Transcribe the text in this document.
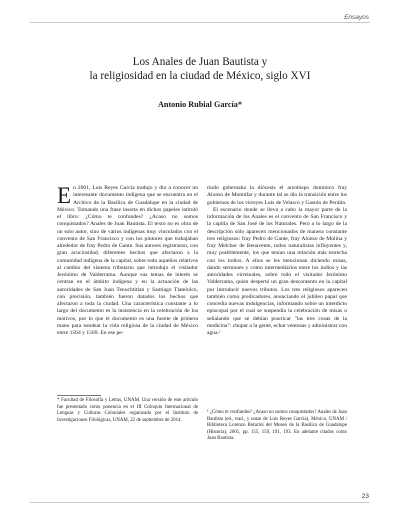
Ensayos
Los Anales de Juan Bautista y
la religiosidad en la ciudad de México, siglo XVI
Antonio Rubial García*

En 2001, Luis Reyes García tradujo y dio a conocer un interesante documento indígena que se encuentra en el Archivo de la Basílica de Guadalupe en la ciudad de México. Tomando una frase inserta en dichos papeles intituló el libro: ¿Cómo te confundes? ¿Acaso no somos conquistados? Anales de Juan Bautista. El texto no es obra de un solo autor, sino de varios indígenas muy vinculados con el convento de San Francisco y con los pintores que trabajaban alrededor de fray Pedro de Gante. Sus autores registraron, con gran acuciosidad, diferentes hechos que afectaron a la comunidad indígena de la capital, sobre todo aquellos relativos al cambio del sistema tributario que introdujo el visitador Jerónimo de Valderrama. Aunque sus temas de interés se centran en el ámbito indígena y en la actuación de las autoridades de San Juan Tenochtitlan y Santiago Tlatelolco, con precisión, también fueron datados los hechos que afectaron a toda la ciudad. Una característica constante a lo largo del documento es la insistencia en la celebración de los motivos, por lo que el documento es una fuente de primera mano para sondear la vida religiosa de la ciudad de México entre 1564 y 1569. En ese pe-

riodo gobernaba la diócesis el arzobispo dominico fray Alonso de Montúfar y durante tal se dio la transición entre los gobiernos de los virreyes Luis de Velasco y Gastón de Peralta.

El escenario donde se lleva a cabo la mayor parte de la información de los Anales es el convento de San Francisco y la capilla de San José de los Naturales. Pero a lo largo de la descripción sólo aparecen mencionados de manera constante tres religiosos: fray Pedro de Gante, fray Alonso de Molina y fray Melchor de Benavente, todos naturalistas influyentes y, muy posiblemente, los que tenían una relación más estrecha con los indios. A ellos se les mencionan diciendo misas, dando sermones y como intermediarios entre los indios y las autoridades virreinales, sobre todo el visitador Jerónimo Valderrama, quien despertó un gran descontento en la capital por introducir nuevos tributos. Los tres religiosos aparecen también como predicadores, anunciando el jubileo papal que concedía nuevas indulgencias, informando sobre un interdicto episcopal por el cual se suspendía la celebración de misas o señalando que se debían practicar "las tres cosas de la medicina": chupar a la gente, echar ventosas y administrar con agua.¹

* Facultad de Filosofía y Letras, UNAM. Una versión de este artículo fue presentado como ponencia en el III Coloquio Internacional de Lenguas y Culturas Coloniales organizado por el Instituto de Investigaciones Filológicas, UNAM, 22 de septiembre de 2014.
¹ ¿Cómo te confundes? ¿Acaso no somos conquistados? Anales de Juan Bautista (ed., trad., y notas de Luis Reyes García), México, UNAM / Biblioteca Lorenzo Boturini del Museo de la Basílica de Guadalupe (Historia), 2001, pp. 155, 159, 191, 193. En adelante citados como Juan Bautista.
23
